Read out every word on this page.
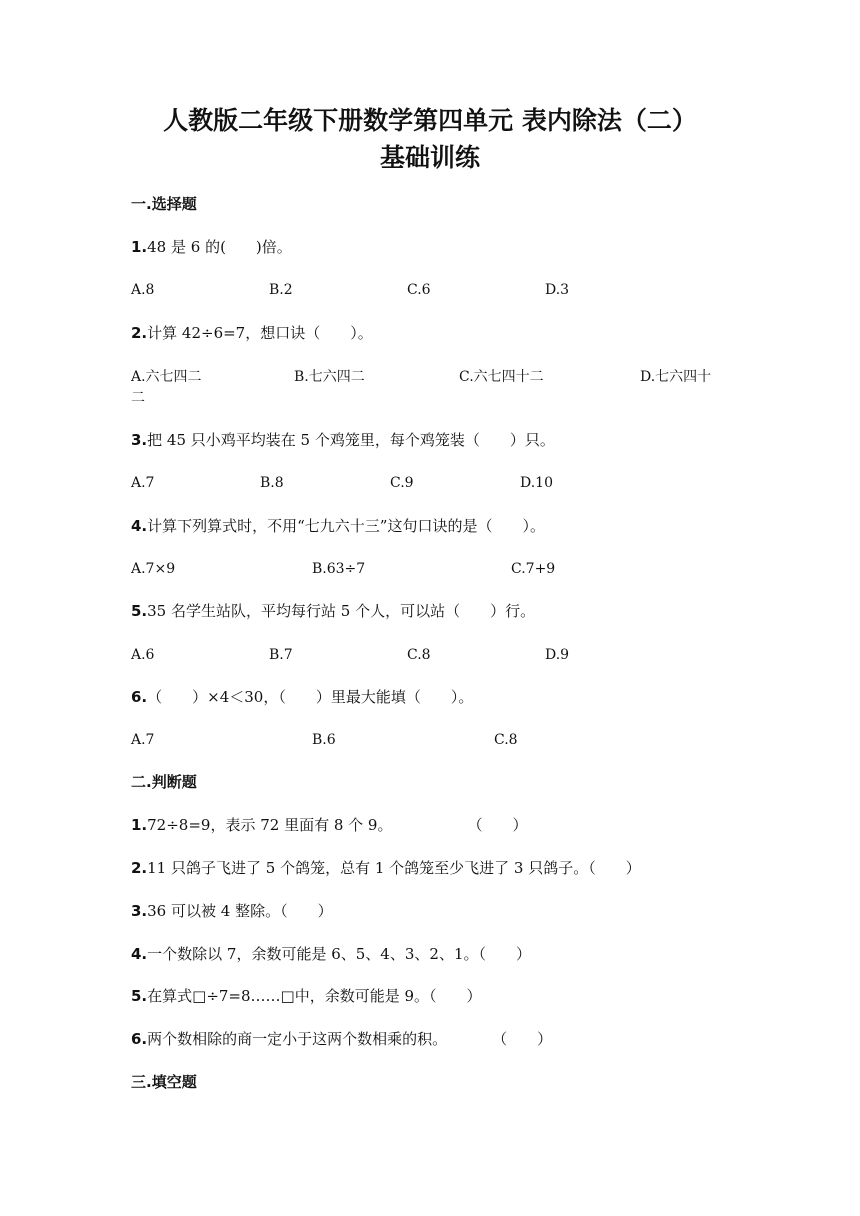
人教版二年级下册数学第四单元 表内除法（二）
基础训练
一.选择题
1.48 是 6 的(　　)倍。
A.8	B.2	C.6	D.3
2.计算 42÷6=7，想口诀（　　）。
A.六七四二	B.七六四二	C.六七四十二	D.七六四十
二
3.把 45 只小鸡平均装在 5 个鸡笼里，每个鸡笼装（　　）只。
A.7	B.8	C.9	D.10
4.计算下列算式时，不用“七九六十三”这句口诀的是（　　）。
A.7×9	B.63÷7	C.7+9
5.35 名学生站队，平均每行站 5 个人，可以站（　　）行。
A.6	B.7	C.8	D.9
6.（　　）×4＜30，（　　）里最大能填（　　）。
A.7	B.6	C.8
二.判断题
1.72÷8=9，表示 72 里面有 8 个 9。　　　　　　（　　）
2.11 只鸽子飞进了 5 个鸽笼，总有 1 个鸽笼至少飞进了 3 只鸽子。（　　）
3.36 可以被 4 整除。（　　）
4.一个数除以 7，余数可能是 6、5、4、3、2、1。（　　）
5.在算式□÷7=8……□中，余数可能是 9。（　　）
6.两个数相除的商一定小于这两个数相乘的积。　　　　（　　）
三.填空题
